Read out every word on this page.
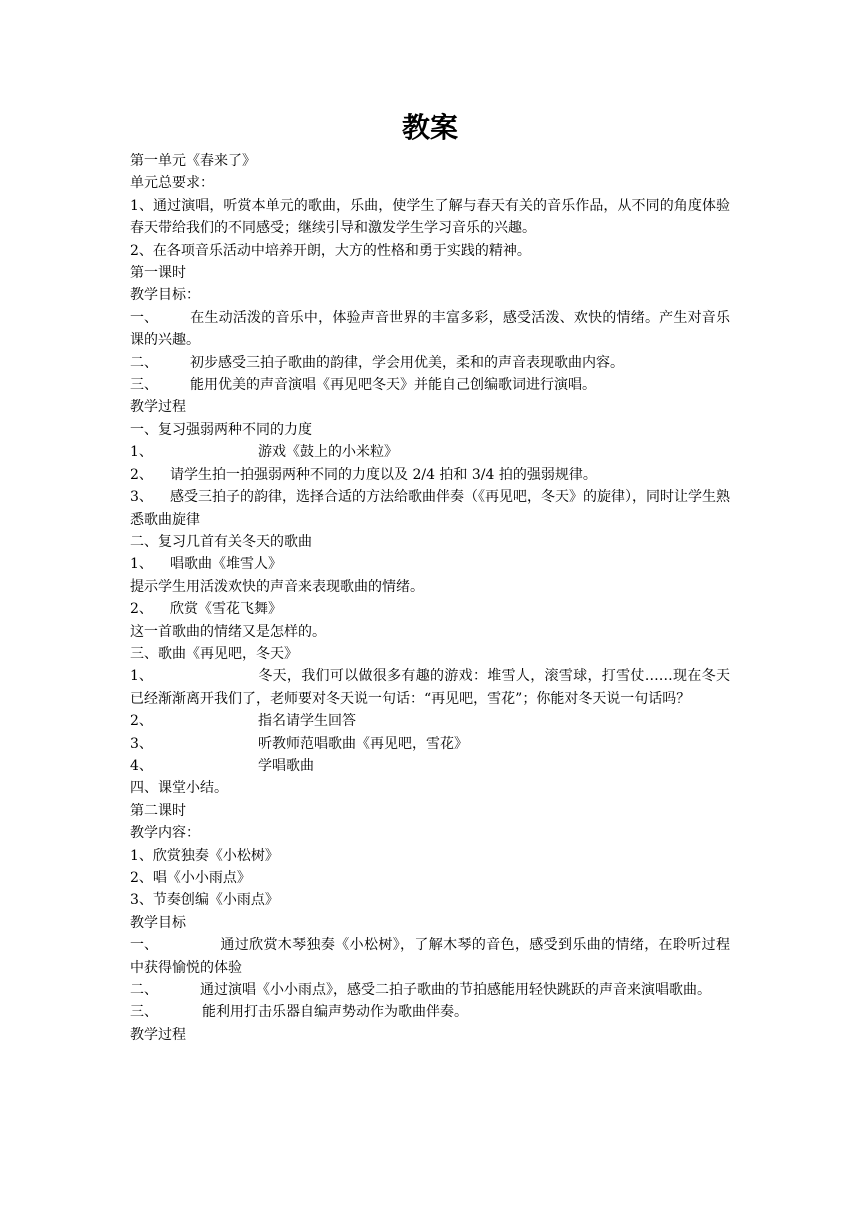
教案
第一单元《春来了》
单元总要求：
1、通过演唱，听赏本单元的歌曲，乐曲，使学生了解与春天有关的音乐作品，从不同的角度体验春天带给我们的不同感受；继续引导和激发学生学习音乐的兴趣。
2、在各项音乐活动中培养开朗，大方的性格和勇于实践的精神。
第一课时
教学目标：
一、 在生动活泼的音乐中，体验声音世界的丰富多彩，感受活泼、欢快的情绪。产生对音乐课的兴趣。
二、 初步感受三拍子歌曲的韵律，学会用优美，柔和的声音表现歌曲内容。
三、 能用优美的声音演唱《再见吧冬天》并能自己创编歌词进行演唱。
教学过程
一、复习强弱两种不同的力度
1、	游戏《鼓上的小米粒》
2、 请学生拍一拍强弱两种不同的力度以及 2/4 拍和 3/4 拍的强弱规律。
3、 感受三拍子的韵律，选择合适的方法给歌曲伴奏（《再见吧，冬天》的旋律），同时让学生熟悉歌曲旋律
二、复习几首有关冬天的歌曲
1、 唱歌曲《堆雪人》
提示学生用活泼欢快的声音来表现歌曲的情绪。
2、 欣赏《雪花飞舞》
这一首歌曲的情绪又是怎样的。
三、歌曲《再见吧，冬天》
1、	冬天，我们可以做很多有趣的游戏：堆雪人，滚雪球，打雪仗……现在冬天已经渐渐离开我们了，老师要对冬天说一句话：“再见吧，雪花”；你能对冬天说一句话吗？
2、	指名请学生回答
3、	听教师范唱歌曲《再见吧，雪花》
4、	学唱歌曲
四、课堂小结。
第二课时
教学内容：
1、欣赏独奏《小松树》
2、唱《小小雨点》
3、节奏创编《小雨点》
教学目标
一、	通过欣赏木琴独奏《小松树》，了解木琴的音色，感受到乐曲的情绪，在聆听过程中获得愉悦的体验
二、	通过演唱《小小雨点》，感受二拍子歌曲的节拍感能用轻快跳跃的声音来演唱歌曲。
三、	能利用打击乐器自编声势动作为歌曲伴奏。
教学过程
